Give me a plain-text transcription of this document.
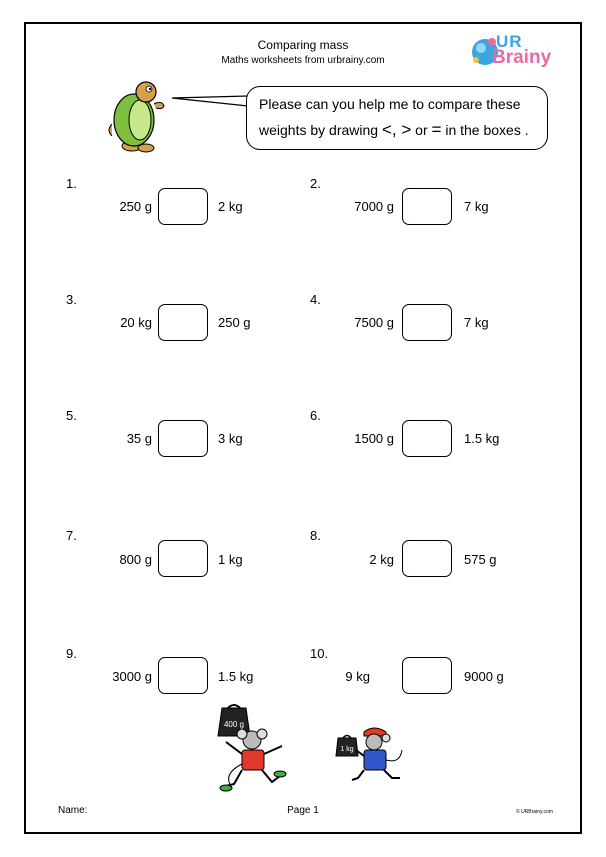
Comparing mass
Maths worksheets from urbrainy.com
UR
Brainy
Please can you help me to compare these
weights by drawing <, > or = in the boxes .
1.
250 g	2 kg
2.
7000 g	7 kg
3.
20 kg	250 g
4.
7500 g	7 kg
5.
35 g	3 kg
6.
1500 g	1.5 kg
7.
800 g	1 kg
8.
2 kg	575 g
9.
3000 g	1.5 kg
10.
9 kg	9000 g
400 g
1 kg
Name:	Page 1	© URBrainy.com
